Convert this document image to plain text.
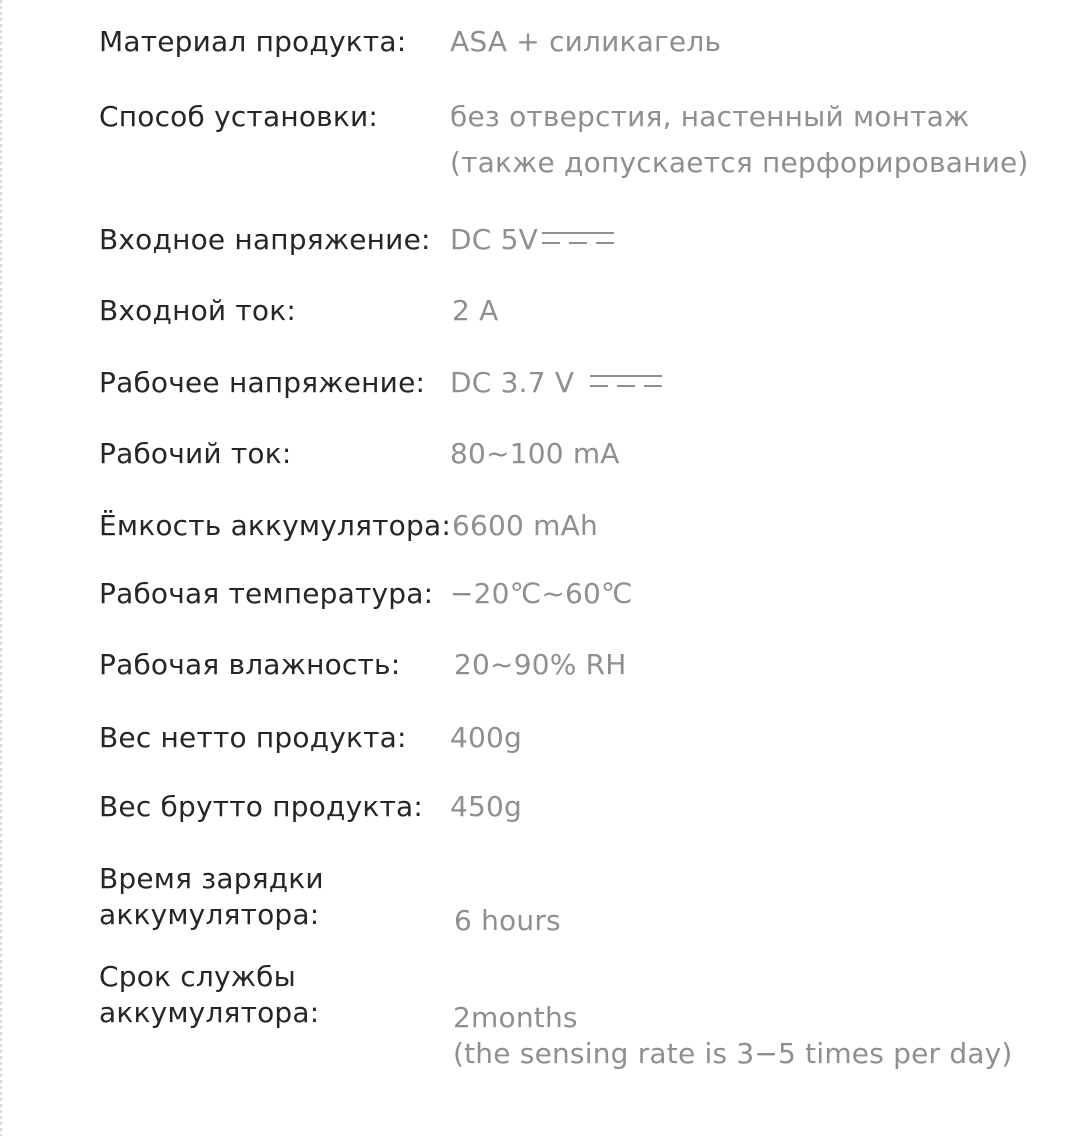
Материал продукта: ASA + силикагель
Способ установки:	без отверстия, настенный монтаж
(также допускается перфорирование)
Входное напряжение: DC 5V
Входной ток:	2 A
Рабочее напряжение: DC 3.7 V
Рабочий ток:	80~100 mA
Ёмкость аккумулятора: 6600 mAh
Рабочая температура: −20℃~60℃
Рабочая влажность: 20~90% RH
Вес нетто продукта: 400g
Вес брутто продукта: 450g
Время зарядки
аккумулятора:	6 hours
Срок службы
аккумулятора:	2months
(the sensing rate is 3−5 times per day)
